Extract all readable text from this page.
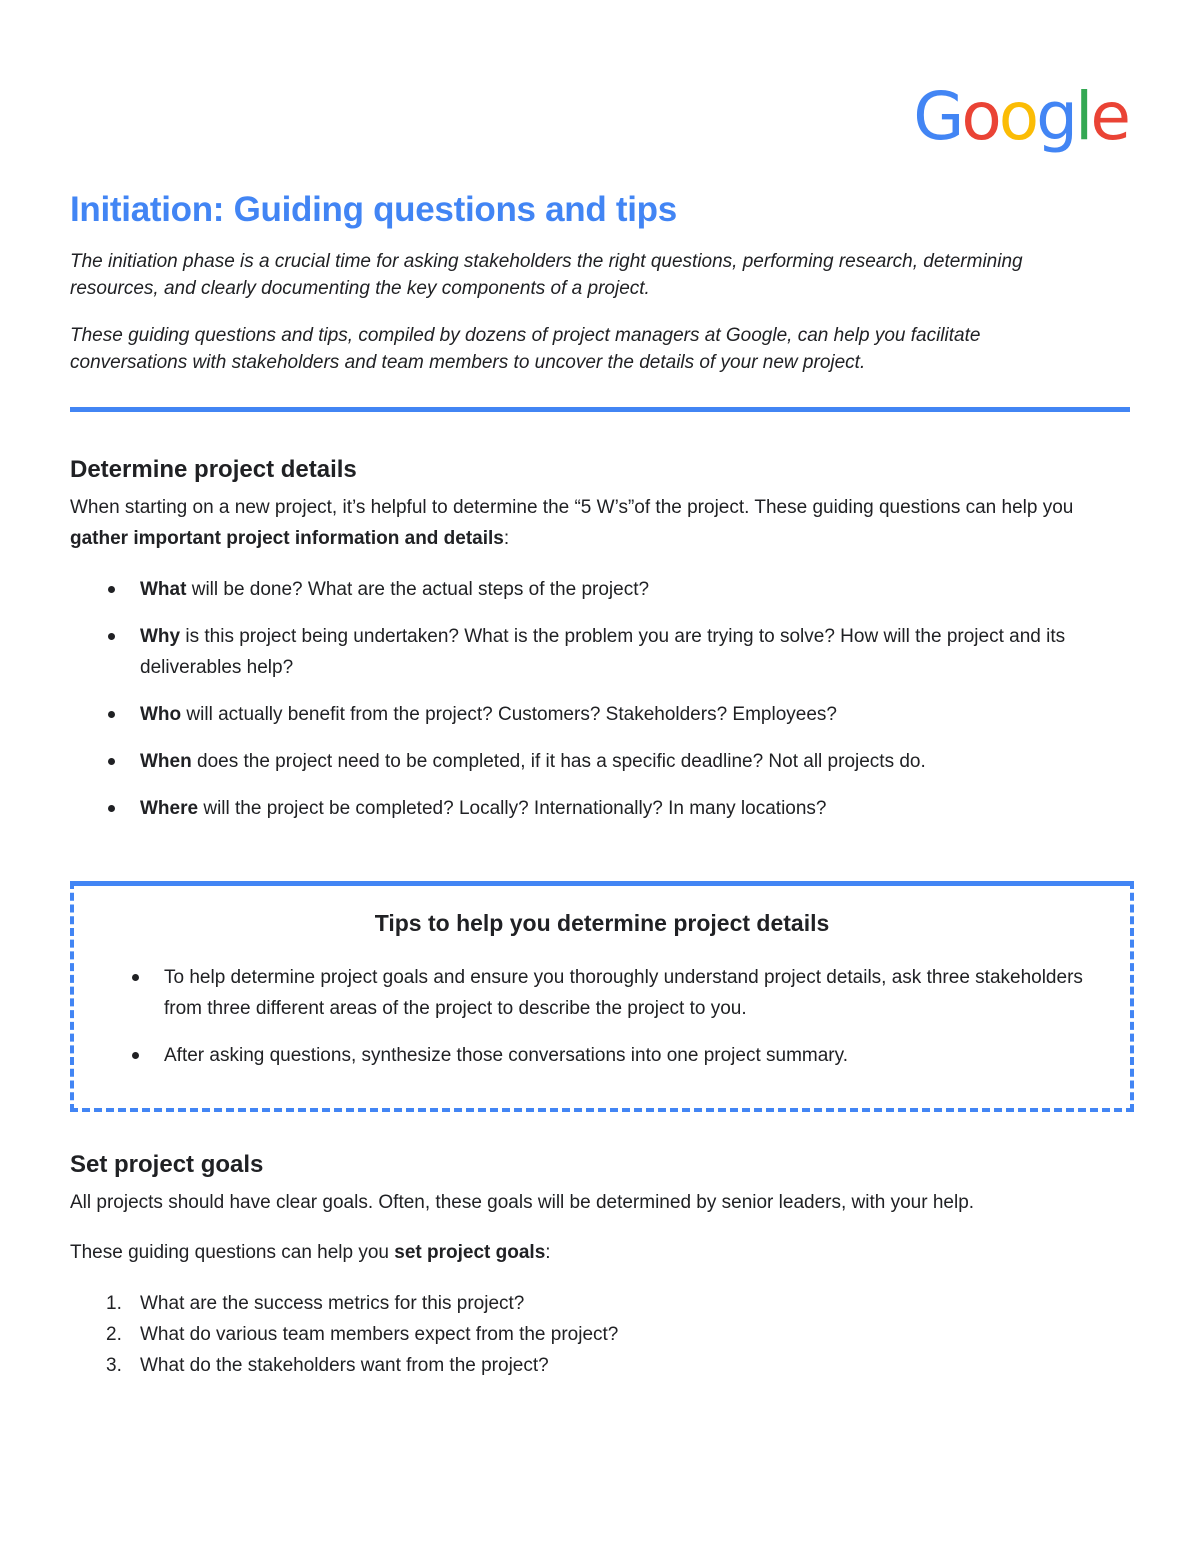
Google
Initiation: Guiding questions and tips

The initiation phase is a crucial time for asking stakeholders the right questions, performing research, determining resources, and clearly documenting the key components of a project.

These guiding questions and tips, compiled by dozens of project managers at Google, can help you facilitate conversations with stakeholders and team members to uncover the details of your new project.

Determine project details

When starting on a new project, it’s helpful to determine the “5 W’s”of the project. These guiding questions can help you gather important project information and details:

What will be done? What are the actual steps of the project?
Why is this project being undertaken? What is the problem you are trying to solve? How will the project and its deliverables help?
Who will actually benefit from the project? Customers? Stakeholders? Employees?
When does the project need to be completed, if it has a specific deadline? Not all projects do.
Where will the project be completed? Locally? Internationally? In many locations?
Tips to help you determine project details
To help determine project goals and ensure you thoroughly understand project details, ask three stakeholders from three different areas of the project to describe the project to you.
After asking questions, synthesize those conversations into one project summary.
Set project goals

All projects should have clear goals. Often, these goals will be determined by senior leaders, with your help.

These guiding questions can help you set project goals:

1. What are the success metrics for this project?
2. What do various team members expect from the project?
3. What do the stakeholders want from the project?
